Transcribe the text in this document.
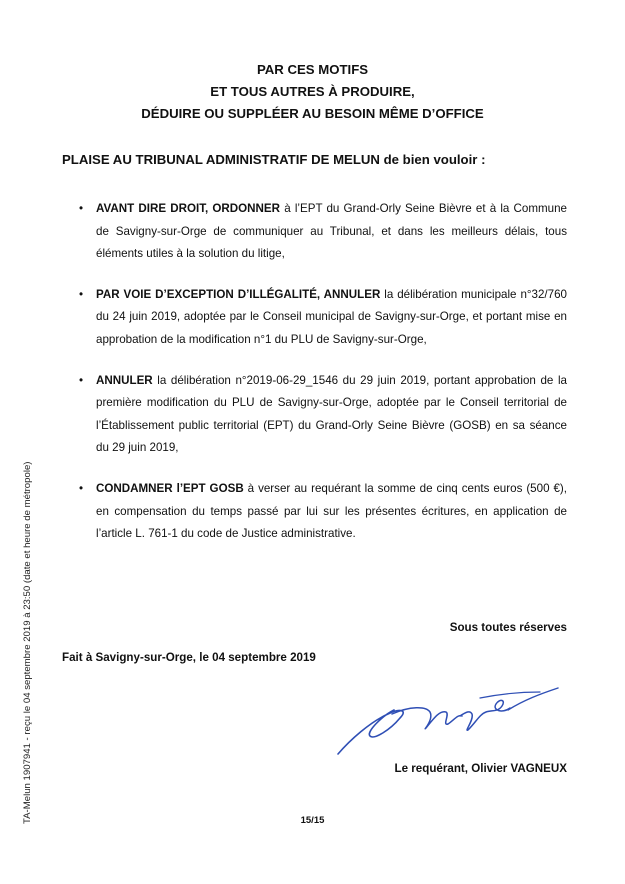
PAR CES MOTIFS
ET TOUS AUTRES À PRODUIRE,
DÉDUIRE OU SUPPLÉER AU BESOIN MÊME D’OFFICE
PLAISE AU TRIBUNAL ADMINISTRATIF DE MELUN de bien vouloir :
• AVANT DIRE DROIT, ORDONNER à l’EPT du Grand-Orly Seine Bièvre et à la Commune de Savigny-sur-Orge de communiquer au Tribunal, et dans les meilleurs délais, tous éléments utiles à la solution du litige,
• PAR VOIE D’EXCEPTION D’ILLÉGALITÉ, ANNULER la délibération municipale n°32/760 du 24 juin 2019, adoptée par le Conseil municipal de Savigny-sur-Orge, et portant mise en approbation de la modification n°1 du PLU de Savigny-sur-Orge,
• ANNULER la délibération n°2019-06-29_1546 du 29 juin 2019, portant approbation de la première modification du PLU de Savigny-sur-Orge, adoptée par le Conseil territorial de l’Établissement public territorial (EPT) du Grand-Orly Seine Bièvre (GOSB) en sa séance du 29 juin 2019,
• CONDAMNER l’EPT GOSB à verser au requérant la somme de cinq cents euros (500 €), en compensation du temps passé par lui sur les présentes écritures, en application de l’article L. 761-1 du code de Justice administrative.
Sous toutes réserves
Fait à Savigny-sur-Orge, le 04 septembre 2019
Le requérant, Olivier VAGNEUX
15/15
TA-Melun 1907941 - reçu le 04 septembre 2019 à 23:50 (date et heure de métropole)
